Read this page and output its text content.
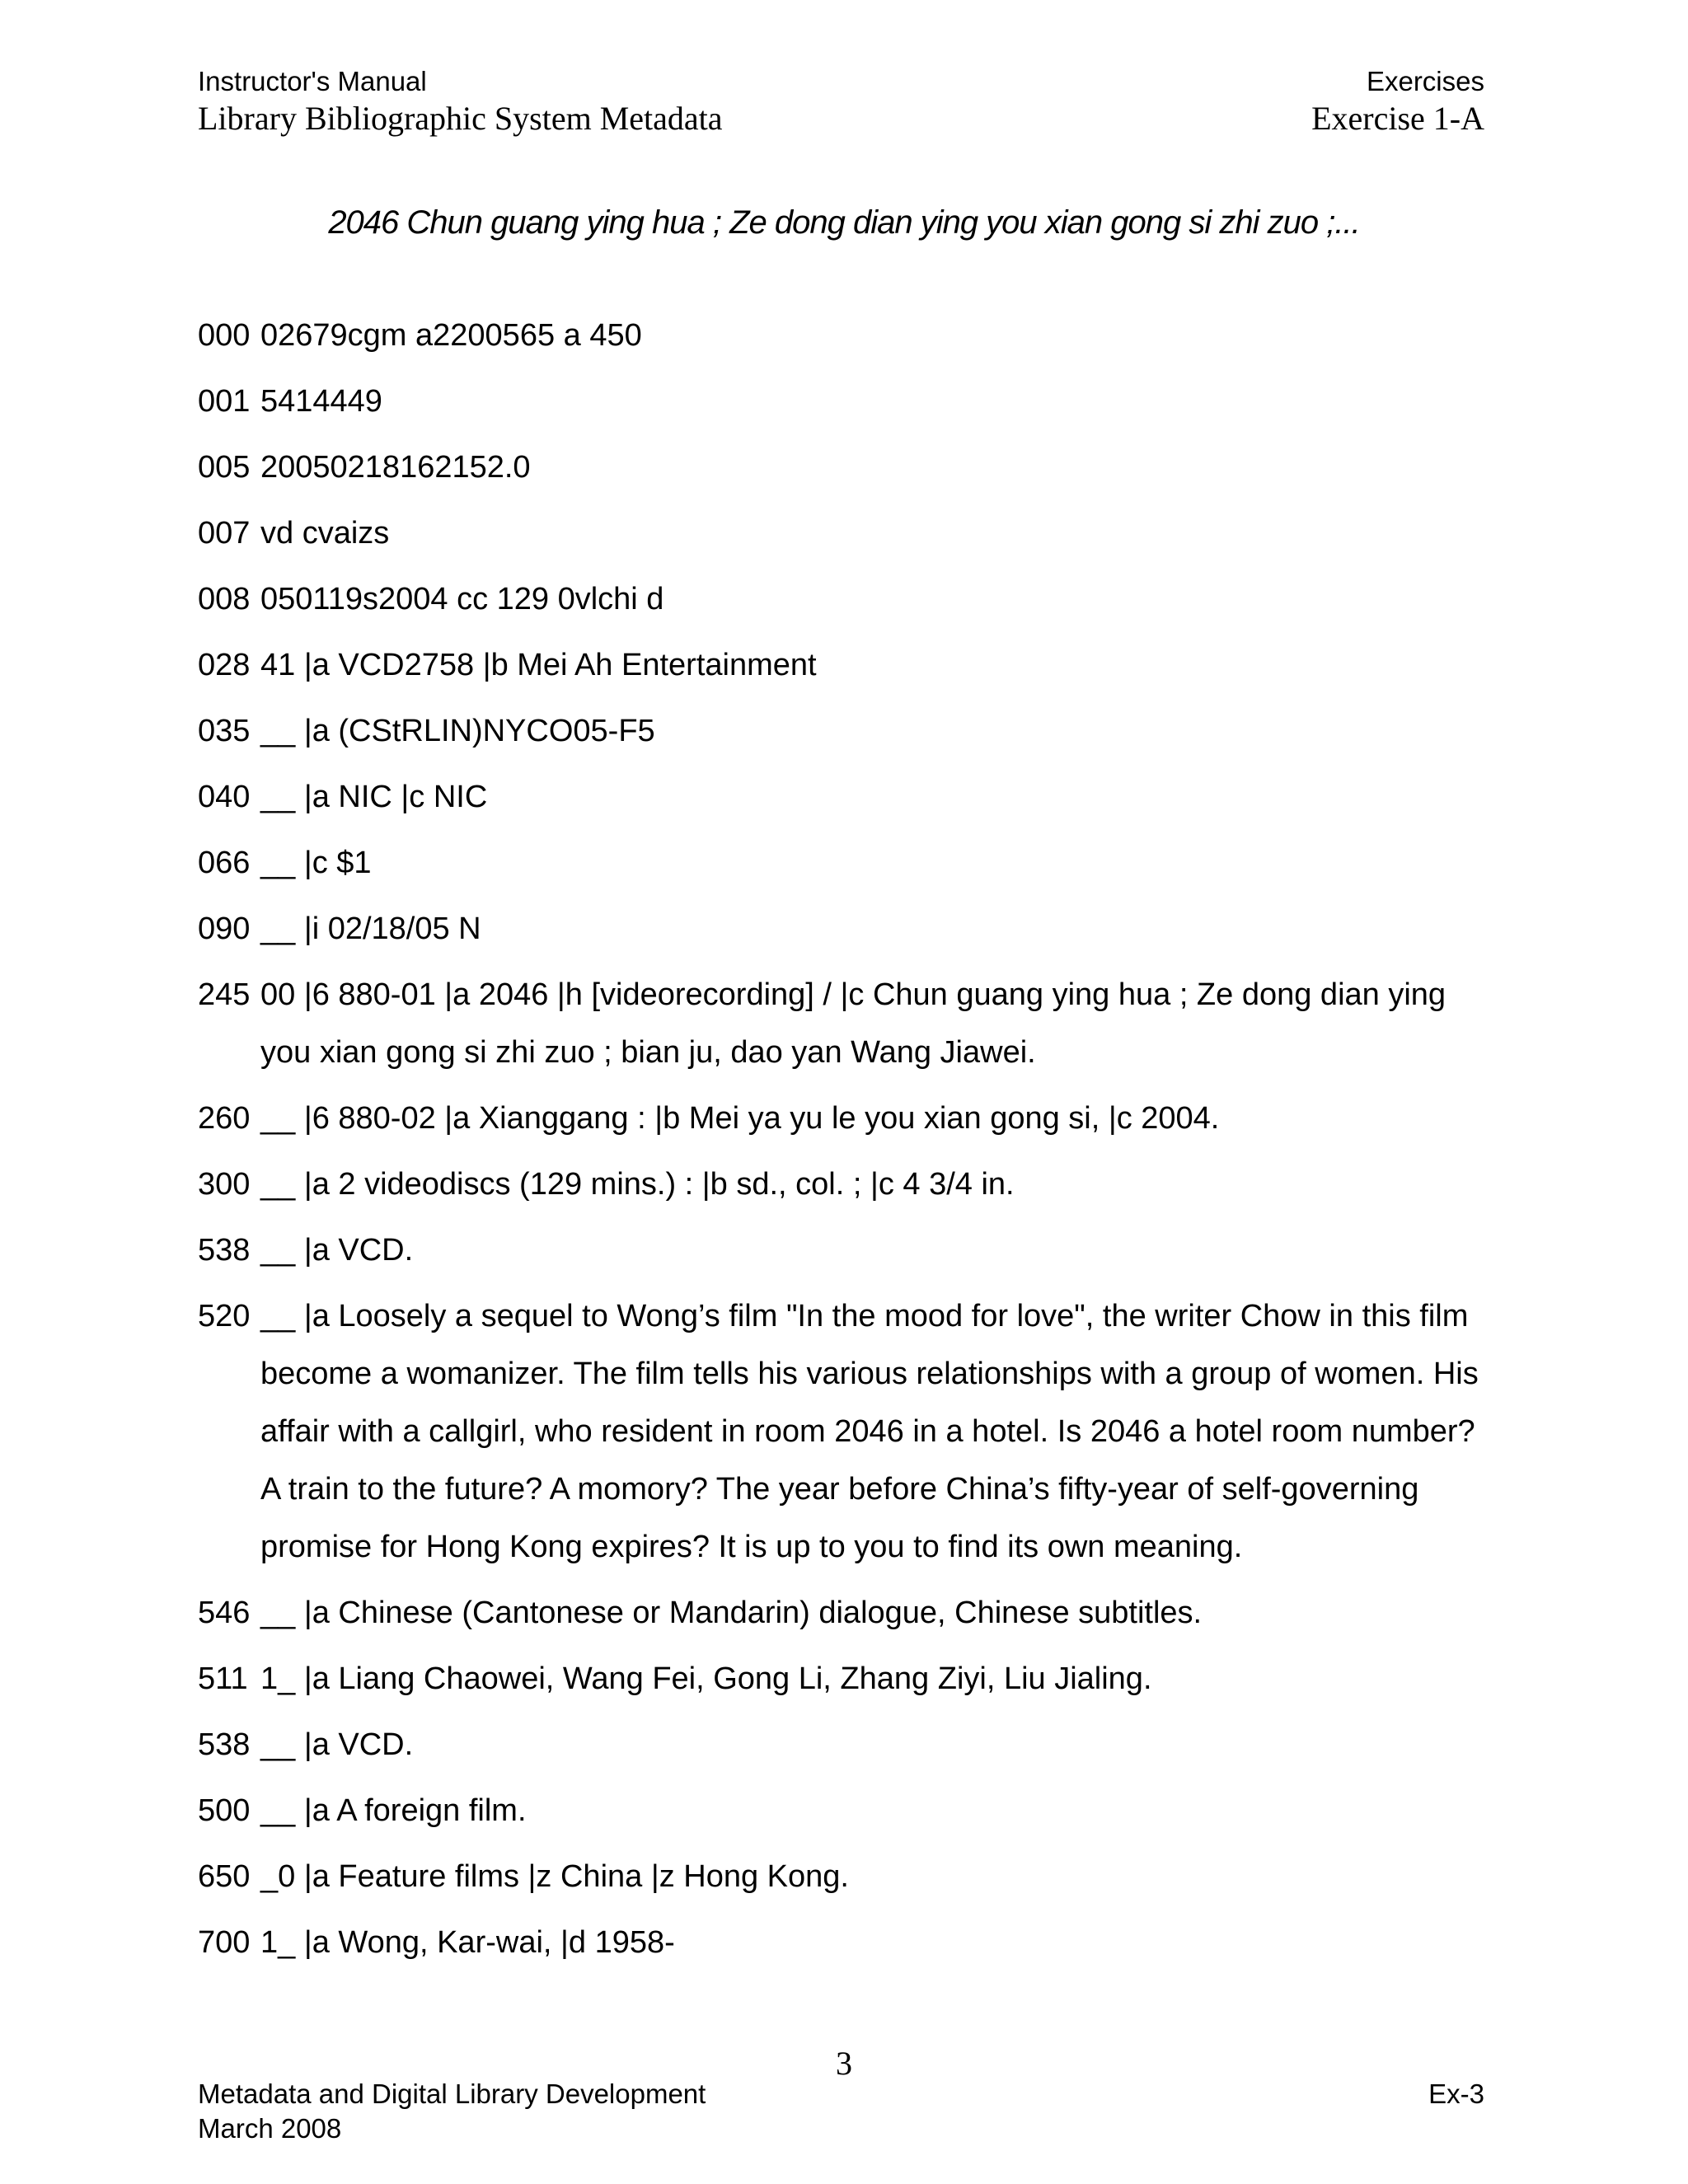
Instructor's Manual
Library Bibliographic System Metadata
Exercises
Exercise 1-A
2046 Chun guang ying hua ; Ze dong dian ying you xian gong si zhi zuo ;...
000 02679cgm a2200565 a 450
001 5414449
005 20050218162152.0
007 vd cvaizs
008 050119s2004 cc 129 0vlchi d
028 41 |a VCD2758 |b Mei Ah Entertainment
035 __ |a (CStRLIN)NYCO05-F5
040 __ |a NIC |c NIC
066 __ |c $1
090 __ |i 02/18/05 N
245 00 |6 880-01 |a 2046 |h [videorecording] / |c Chun guang ying hua ; Ze dong dian ying you xian gong si zhi zuo ; bian ju, dao yan Wang Jiawei.
260 __ |6 880-02 |a Xianggang : |b Mei ya yu le you xian gong si, |c 2004.
300 __ |a 2 videodiscs (129 mins.) : |b sd., col. ; |c 4 3/4 in.
538 __ |a VCD.
520 __ |a Loosely a sequel to Wong’s film "In the mood for love", the writer Chow in this film become a womanizer. The film tells his various relationships with a group of women. His affair with a callgirl, who resident in room 2046 in a hotel. Is 2046 a hotel room number? A train to the future? A momory? The year before China’s fifty-year of self-governing promise for Hong Kong expires? It is up to you to find its own meaning.
546 __ |a Chinese (Cantonese or Mandarin) dialogue, Chinese subtitles.
511 1_ |a Liang Chaowei, Wang Fei, Gong Li, Zhang Ziyi, Liu Jialing.
538 __ |a VCD.
500 __ |a A foreign film.
650 _0 |a Feature films |z China |z Hong Kong.
700 1_ |a Wong, Kar-wai, |d 1958-
3
Metadata and Digital Library Development
March 2008
Ex-3
